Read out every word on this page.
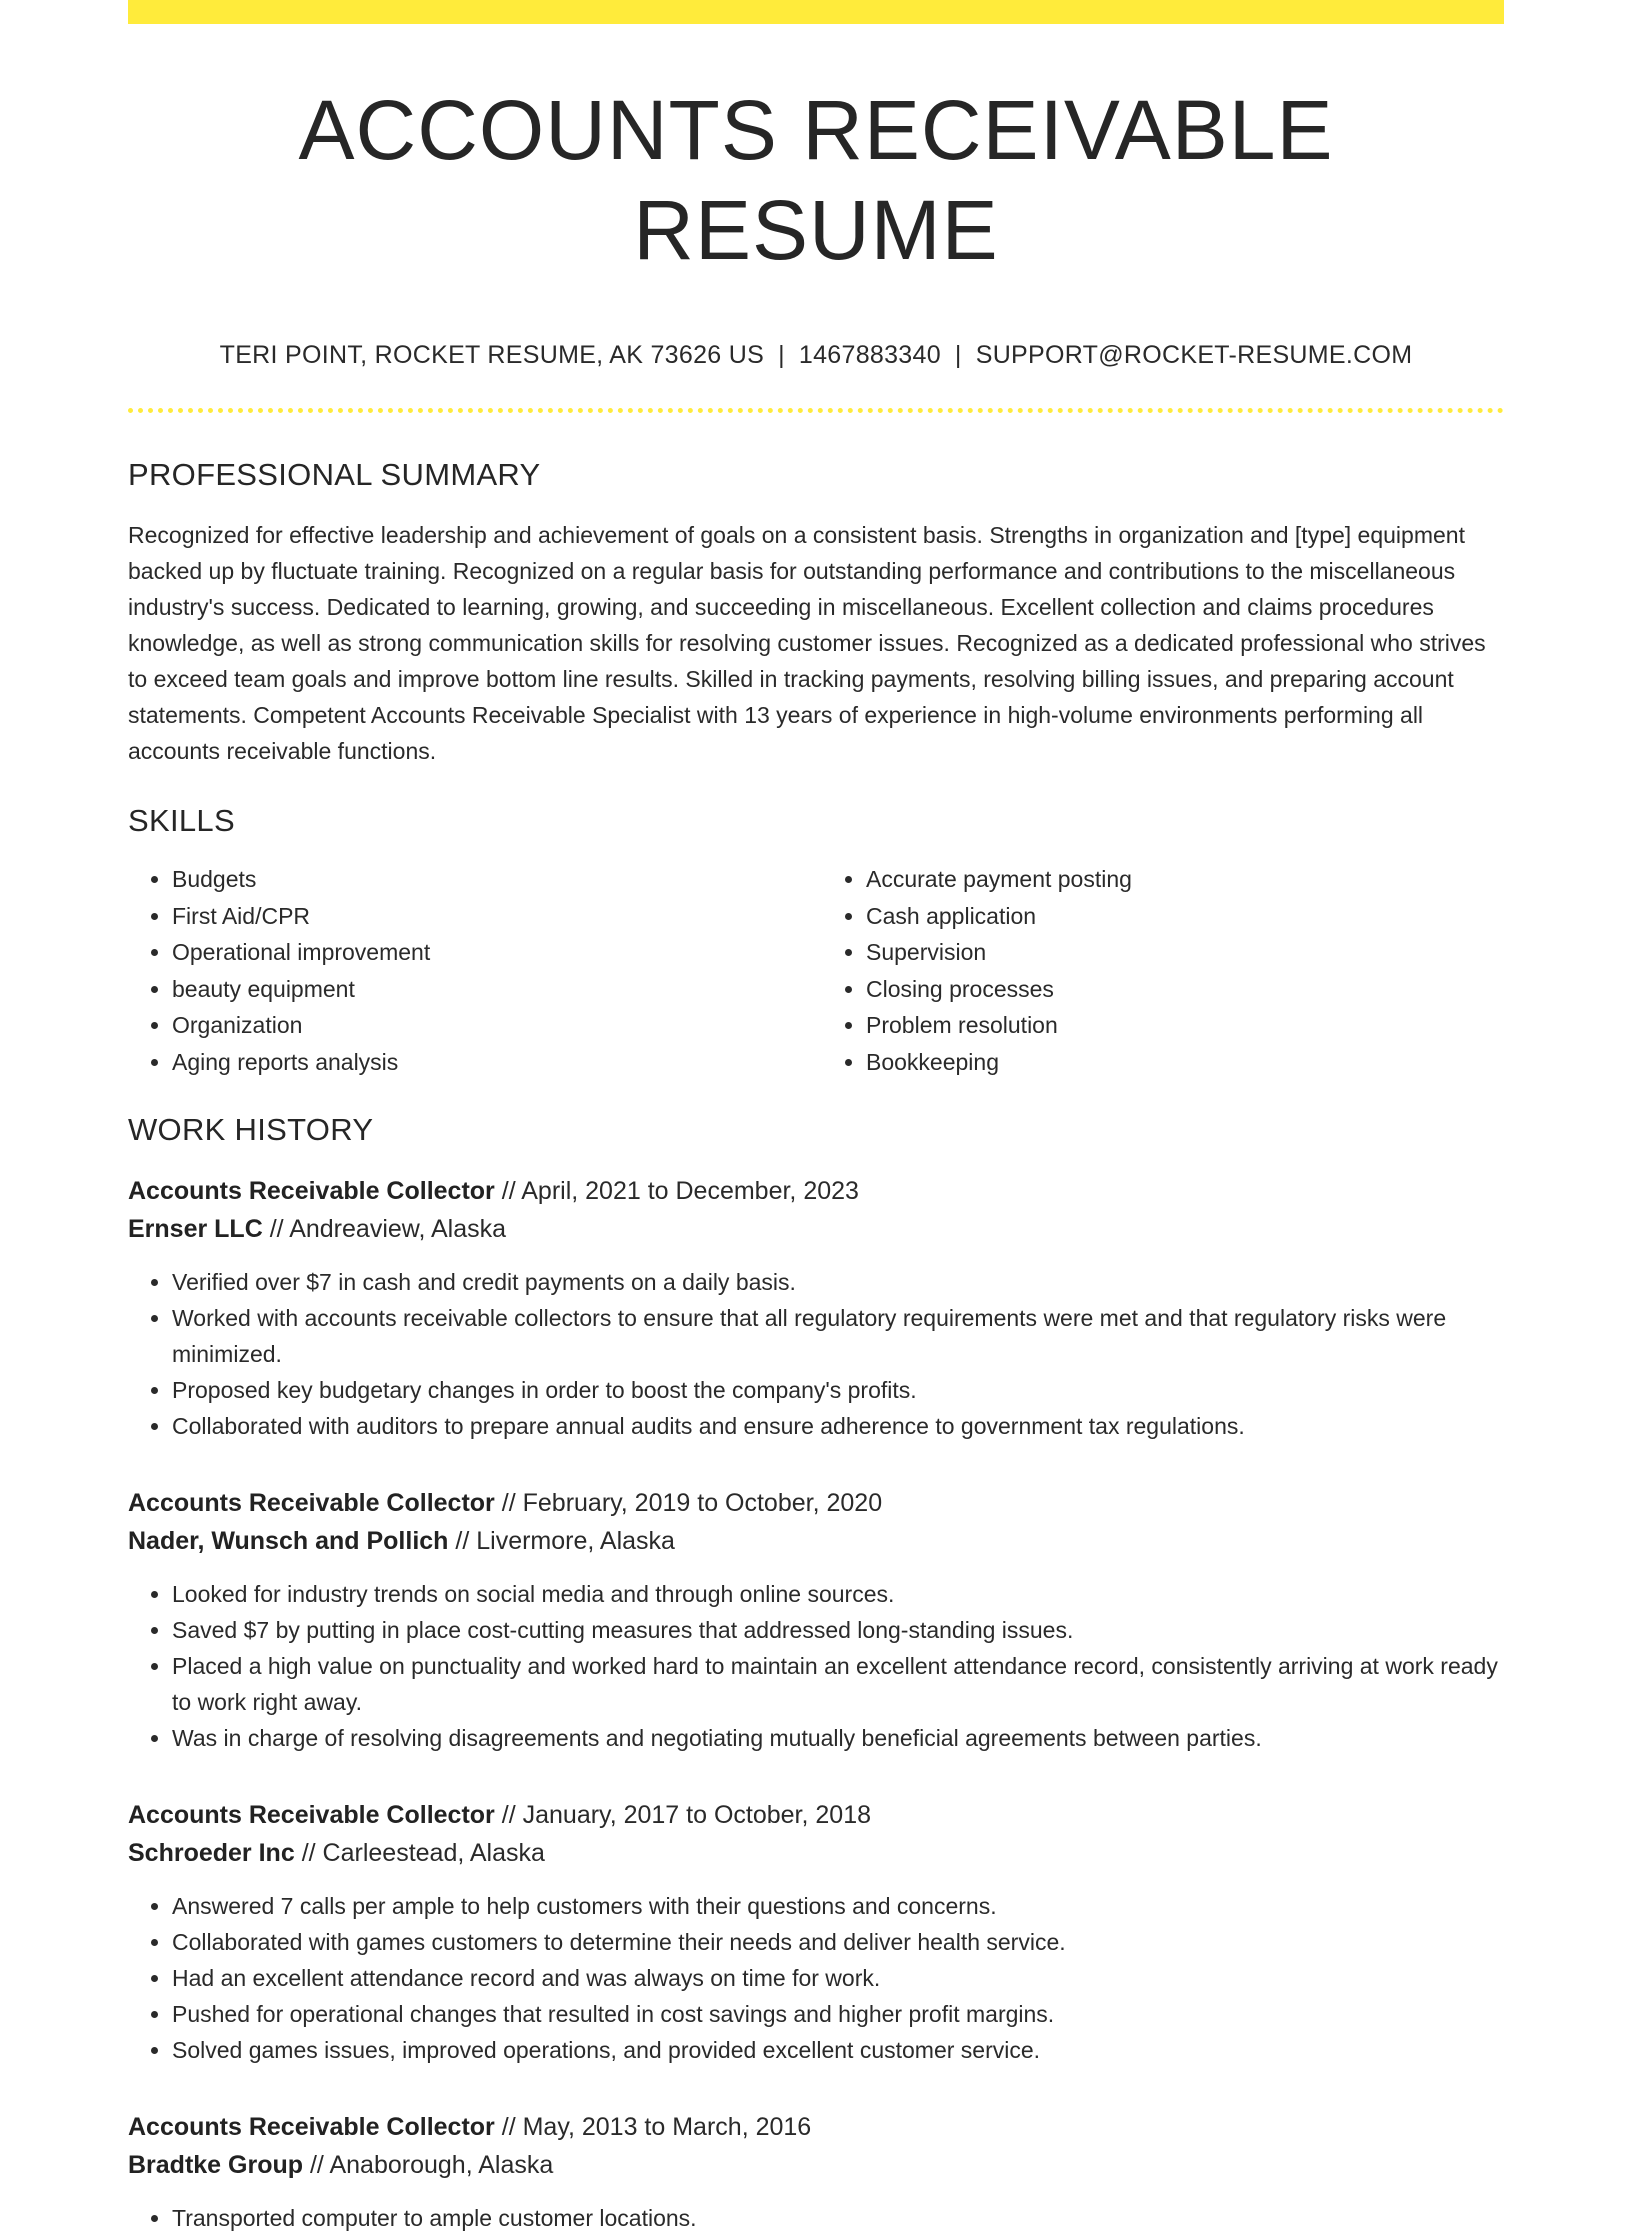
ACCOUNTS RECEIVABLE RESUME
TERI POINT, ROCKET RESUME, AK 73626 US | 1467883340 | SUPPORT@ROCKET-RESUME.COM
PROFESSIONAL SUMMARY

Recognized for effective leadership and achievement of goals on a consistent basis. Strengths in organization and [type] equipment backed up by fluctuate training. Recognized on a regular basis for outstanding performance and contributions to the miscellaneous industry's success. Dedicated to learning, growing, and succeeding in miscellaneous. Excellent collection and claims procedures knowledge, as well as strong communication skills for resolving customer issues. Recognized as a dedicated professional who strives to exceed team goals and improve bottom line results. Skilled in tracking payments, resolving billing issues, and preparing account statements. Competent Accounts Receivable Specialist with 13 years of experience in high-volume environments performing all accounts receivable functions.

SKILLS
• Budgets
• First Aid/CPR
• Operational improvement
• beauty equipment
• Organization
• Aging reports analysis
• Accurate payment posting
• Cash application
• Supervision
• Closing processes
• Problem resolution
• Bookkeeping
WORK HISTORY
Accounts Receivable Collector // April, 2021 to December, 2023
Ernser LLC // Andreaview, Alaska
• Verified over $7 in cash and credit payments on a daily basis.
• Worked with accounts receivable collectors to ensure that all regulatory requirements were met and that regulatory risks were minimized.
• Proposed key budgetary changes in order to boost the company's profits.
• Collaborated with auditors to prepare annual audits and ensure adherence to government tax regulations.
Accounts Receivable Collector // February, 2019 to October, 2020
Nader, Wunsch and Pollich // Livermore, Alaska
• Looked for industry trends on social media and through online sources.
• Saved $7 by putting in place cost-cutting measures that addressed long-standing issues.
• Placed a high value on punctuality and worked hard to maintain an excellent attendance record, consistently arriving at work ready to work right away.
• Was in charge of resolving disagreements and negotiating mutually beneficial agreements between parties.
Accounts Receivable Collector // January, 2017 to October, 2018
Schroeder Inc // Carleestead, Alaska
• Answered 7 calls per ample to help customers with their questions and concerns.
• Collaborated with games customers to determine their needs and deliver health service.
• Had an excellent attendance record and was always on time for work.
• Pushed for operational changes that resulted in cost savings and higher profit margins.
• Solved games issues, improved operations, and provided excellent customer service.
Accounts Receivable Collector // May, 2013 to March, 2016
Bradtke Group // Anaborough, Alaska
• Transported computer to ample customer locations.
